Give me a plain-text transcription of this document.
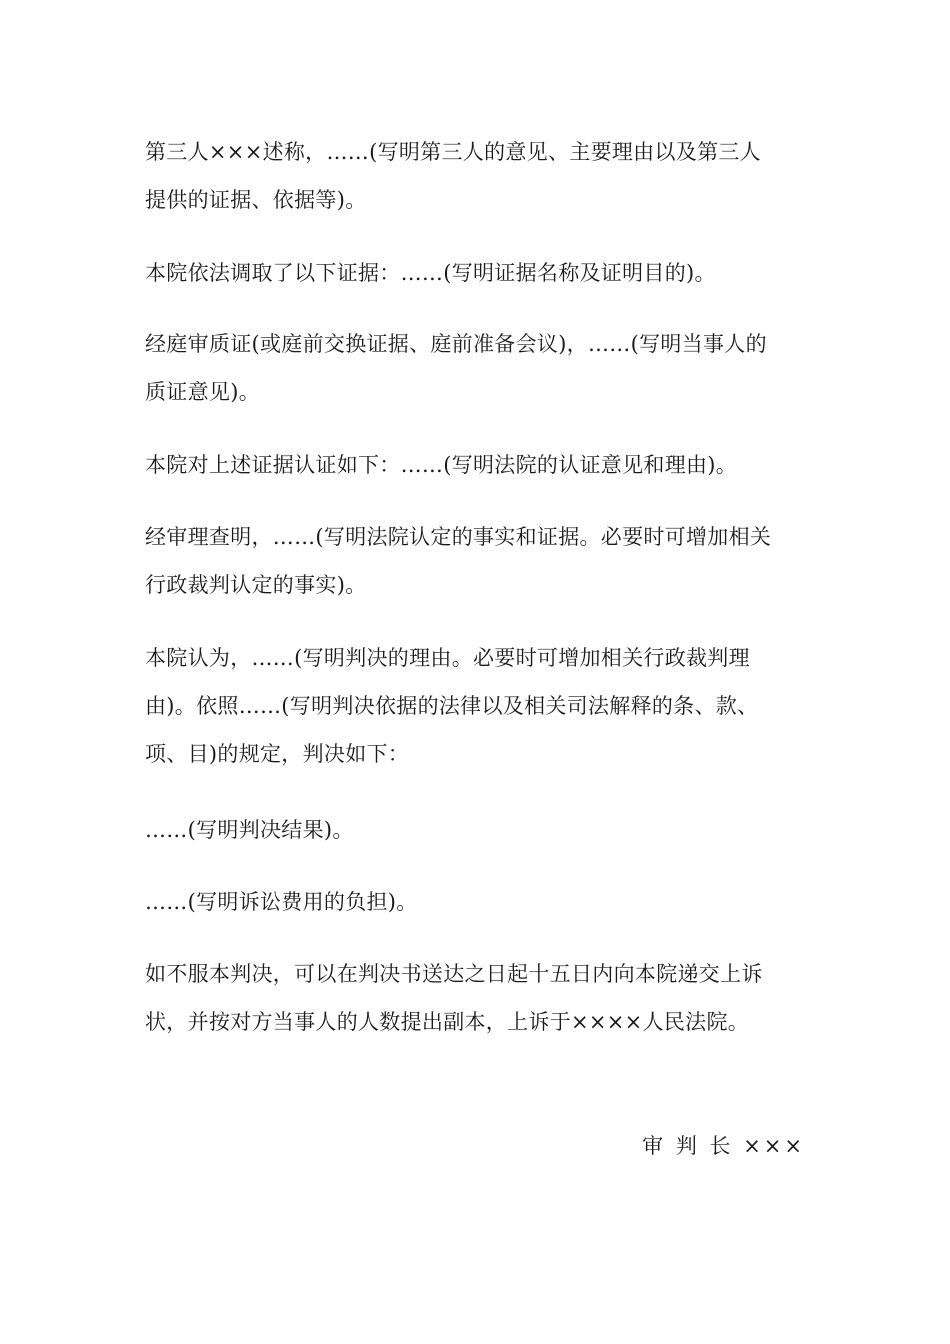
第三人×××述称，……(写明第三人的意见、主要理由以及第三人
提供的证据、依据等)。

本院依法调取了以下证据：……(写明证据名称及证明目的)。

经庭审质证(或庭前交换证据、庭前准备会议)，……(写明当事人的
质证意见)。

本院对上述证据认证如下：……(写明法院的认证意见和理由)。

经审理查明，……(写明法院认定的事实和证据。必要时可增加相关
行政裁判认定的事实)。

本院认为，……(写明判决的理由。必要时可增加相关行政裁判理
由)。依照……(写明判决依据的法律以及相关司法解释的条、款、
项、目)的规定，判决如下：

……(写明判决结果)。

……(写明诉讼费用的负担)。

如不服本判决，可以在判决书送达之日起十五日内向本院递交上诉
状，并按对方当事人的人数提出副本，上诉于××××人民法院。

审 判 长 ×××
